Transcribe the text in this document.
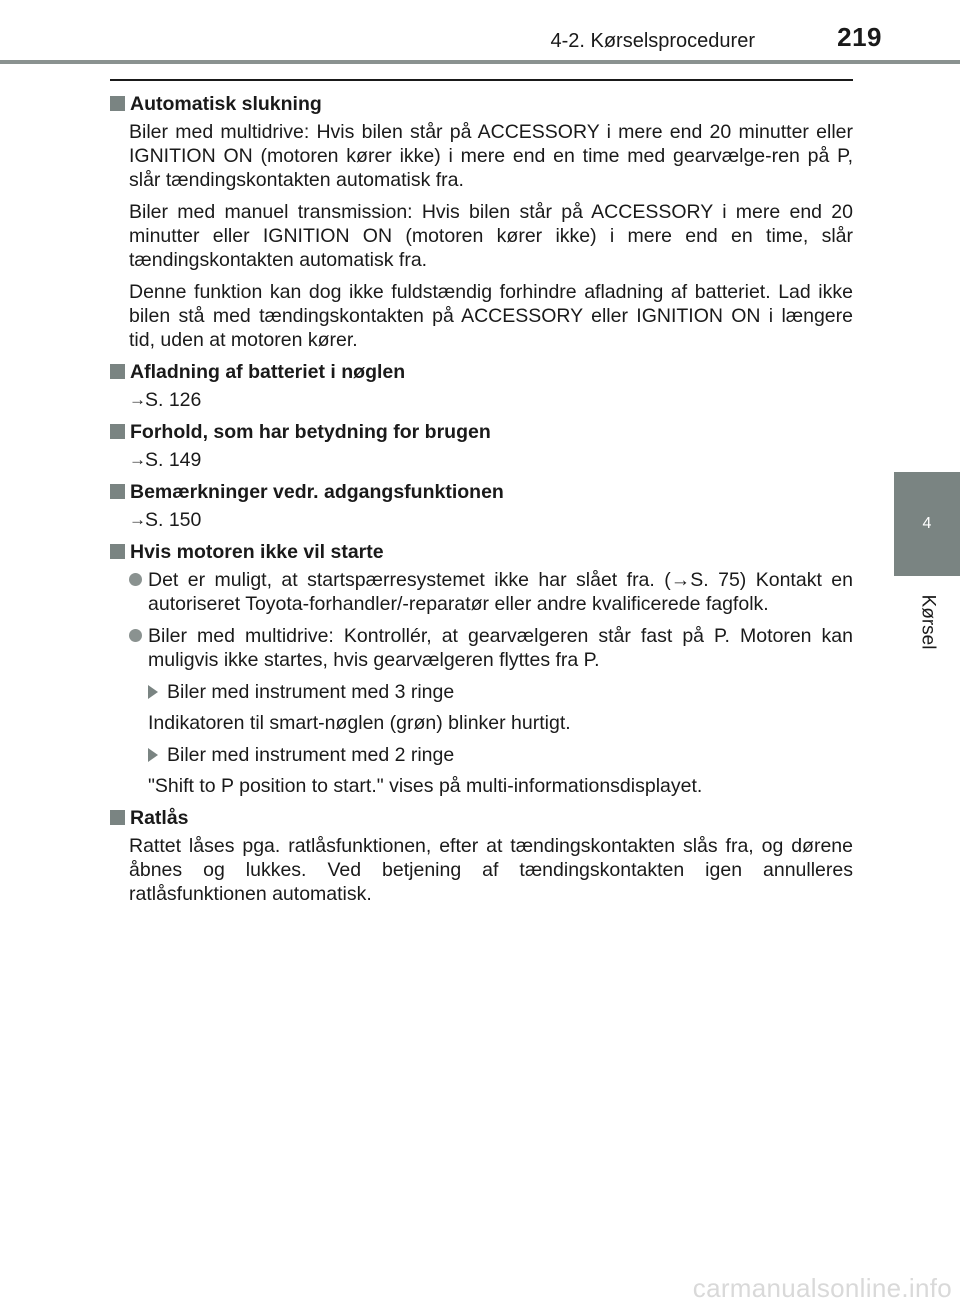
4-2. Kørselsprocedurer	219
4
Kørsel
Automatisk slukning
Biler med multidrive: Hvis bilen står på ACCESSORY i mere end 20 minutter eller IGNITION ON (motoren kører ikke) i mere end en time med gearvælge-ren på P, slår tændingskontakten automatisk fra.
Biler med manuel transmission: Hvis bilen står på ACCESSORY i mere end 20 minutter eller IGNITION ON (motoren kører ikke) i mere end en time, slår tændingskontakten automatisk fra.
Denne funktion kan dog ikke fuldstændig forhindre afladning af batteriet. Lad ikke bilen stå med tændingskontakten på ACCESSORY eller IGNITION ON i længere tid, uden at motoren kører.
Afladning af batteriet i nøglen
→ S. 126
Forhold, som har betydning for brugen
→ S. 149
Bemærkninger vedr. adgangsfunktionen
→ S. 150
Hvis motoren ikke vil starte
Det er muligt, at startspærresystemet ikke har slået fra. (→S. 75) Kontakt en autoriseret Toyota-forhandler/-reparatør eller andre kvalificerede fagfolk.
Biler med multidrive: Kontrollér, at gearvælgeren står fast på P. Motoren kan muligvis ikke startes, hvis gearvælgeren flyttes fra P.
Biler med instrument med 3 ringe
Indikatoren til smart-nøglen (grøn) blinker hurtigt.
Biler med instrument med 2 ringe
"Shift to P position to start." vises på multi-informationsdisplayet.
Ratlås
Rattet låses pga. ratlåsfunktionen, efter at tændingskontakten slås fra, og dørene åbnes og lukkes. Ved betjening af tændingskontakten igen annulleres ratlåsfunktionen automatisk.
carmanualsonline.info
